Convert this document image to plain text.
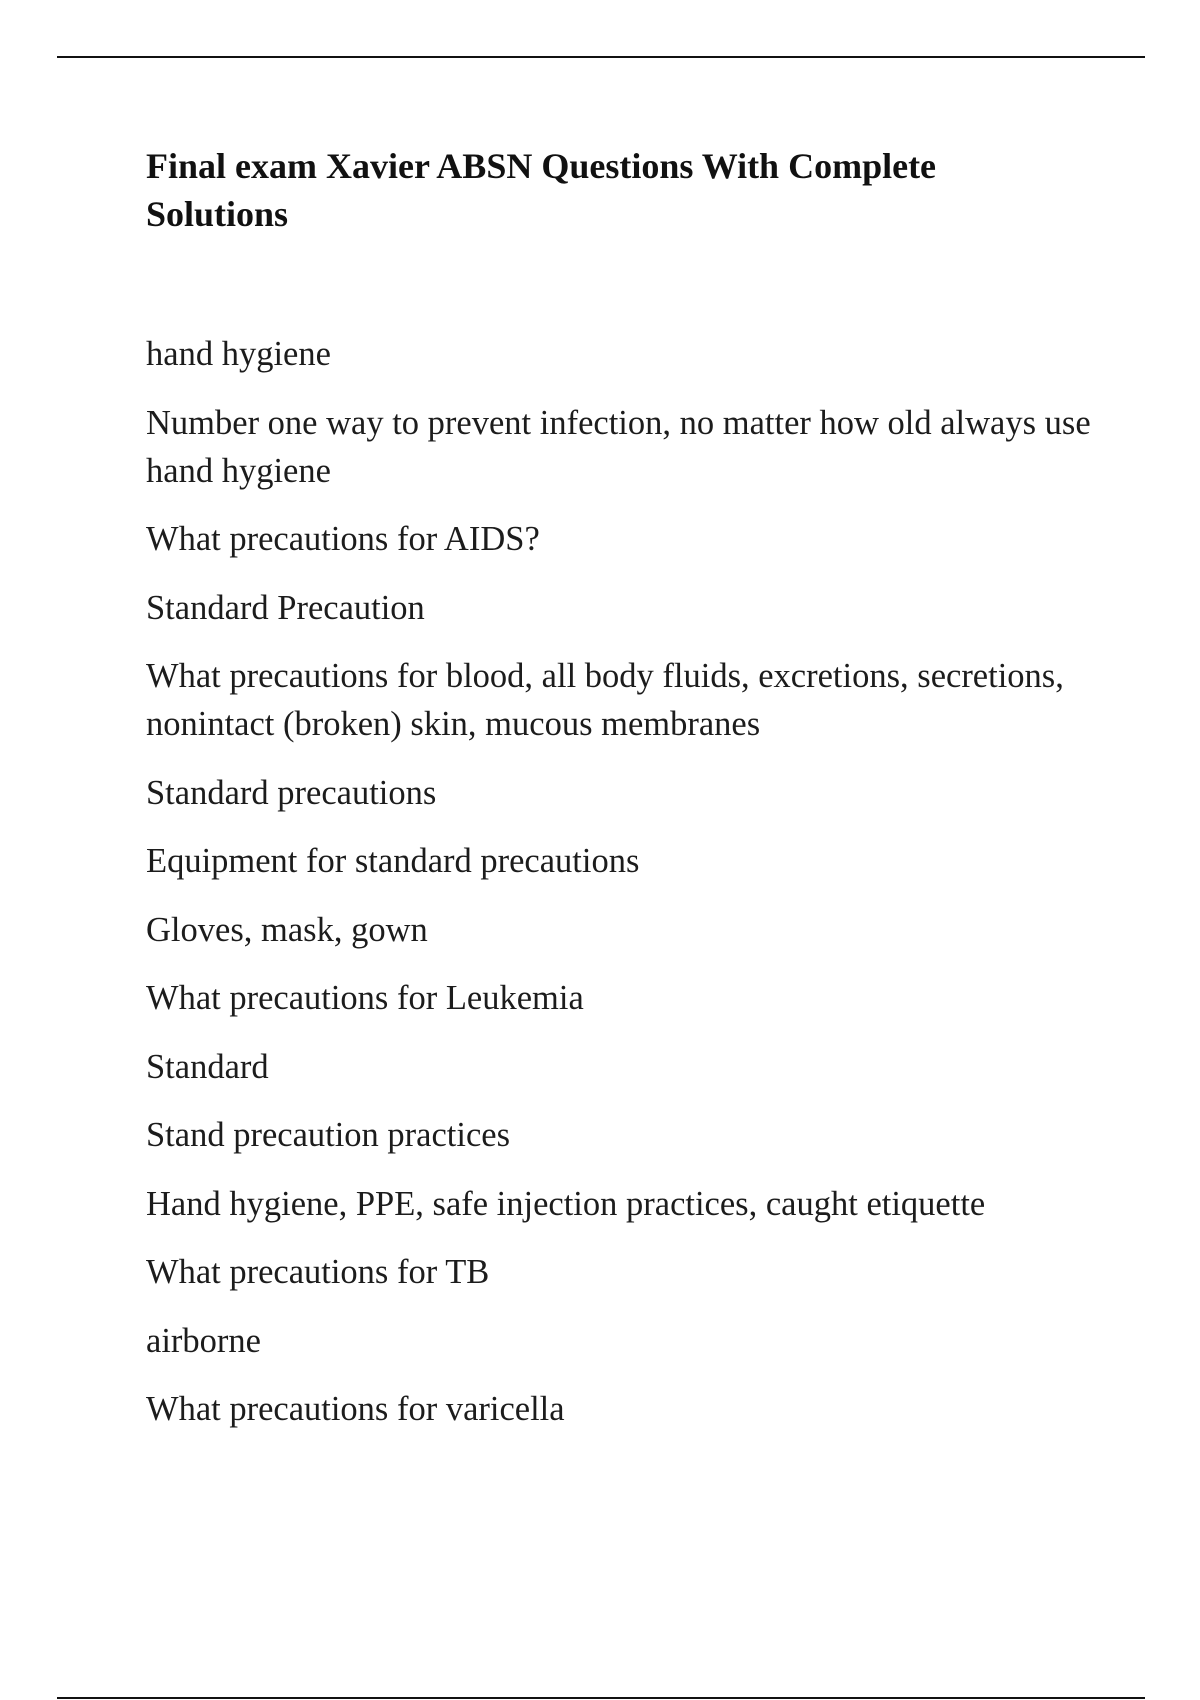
Final exam Xavier ABSN Questions With Complete Solutions

hand hygiene

Number one way to prevent infection, no matter how old always use hand hygiene

What precautions for AIDS?

Standard Precaution

What precautions for blood, all body fluids, excretions, secretions, nonintact (broken) skin, mucous membranes

Standard precautions

Equipment for standard precautions

Gloves, mask, gown

What precautions for Leukemia

Standard

Stand precaution practices

Hand hygiene, PPE, safe injection practices, caught etiquette

What precautions for TB

airborne

What precautions for varicella
